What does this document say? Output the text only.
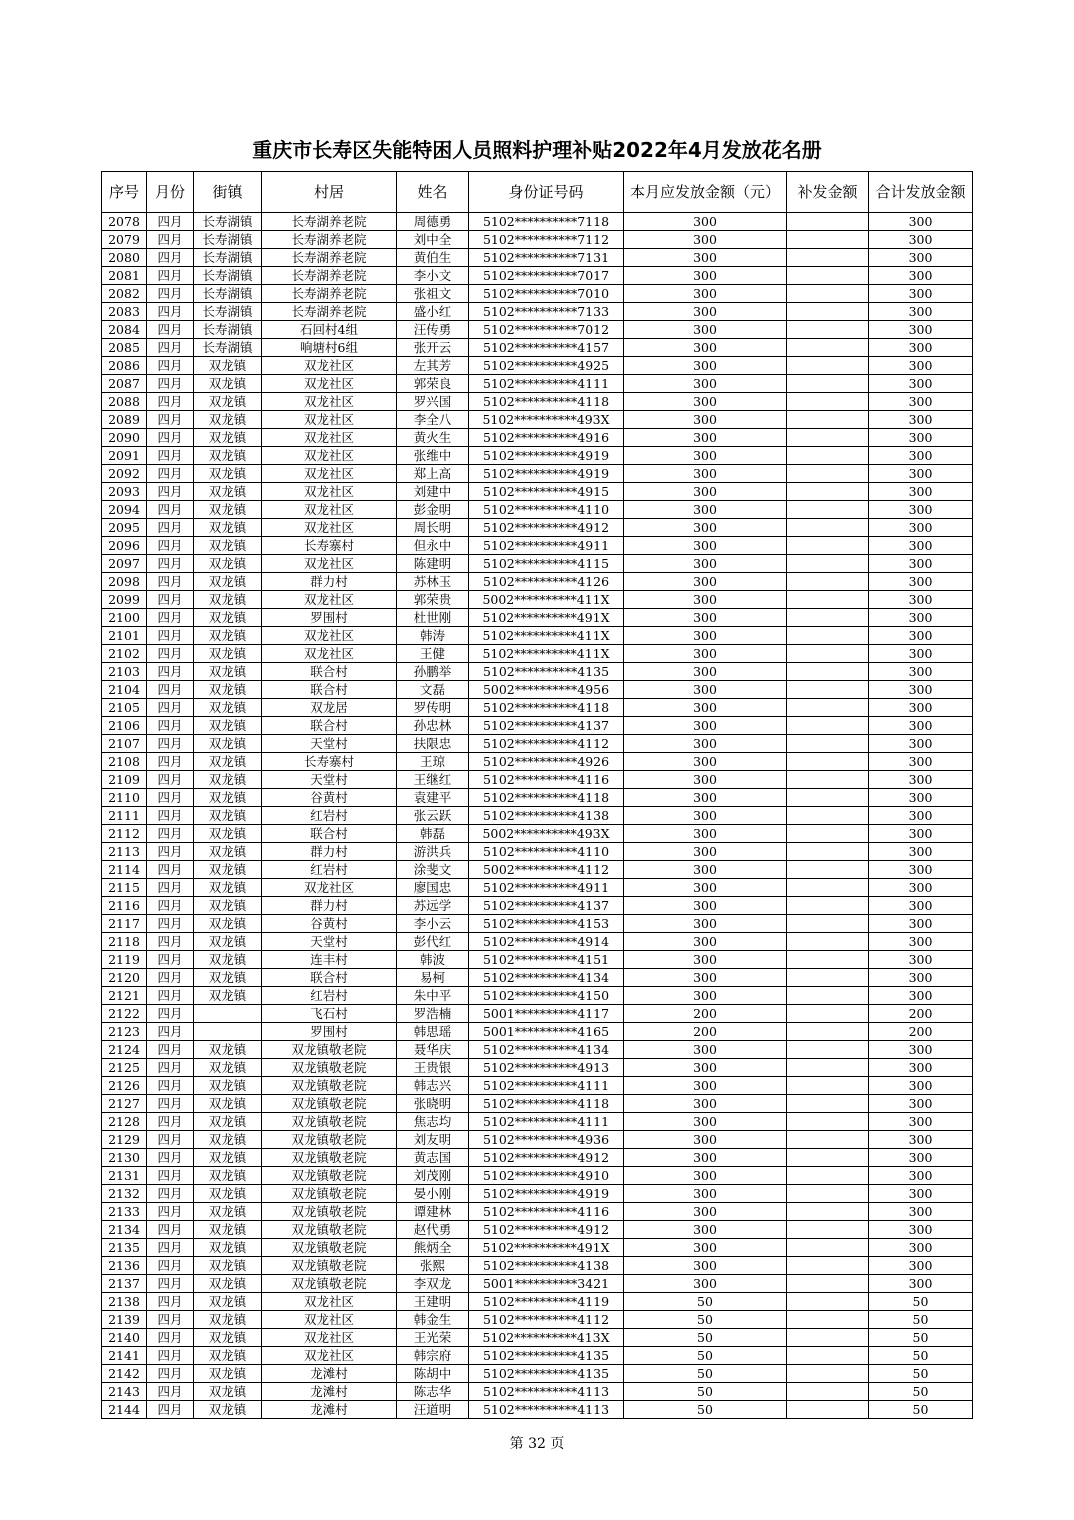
重庆市长寿区失能特困人员照料护理补贴2022年4月发放花名册
序号	月份	街镇	村居	姓名	身份证号码	本月应发放金额（元）	补发金额	合计发放金额
2078	四月	长寿湖镇	长寿湖养老院	周德勇	5102**********7118	300		300
2079	四月	长寿湖镇	长寿湖养老院	刘中全	5102**********7112	300		300
2080	四月	长寿湖镇	长寿湖养老院	黄伯生	5102**********7131	300		300
2081	四月	长寿湖镇	长寿湖养老院	李小文	5102**********7017	300		300
2082	四月	长寿湖镇	长寿湖养老院	张祖文	5102**********7010	300		300
2083	四月	长寿湖镇	长寿湖养老院	盛小红	5102**********7133	300		300
2084	四月	长寿湖镇	石回村4组	汪传勇	5102**********7012	300		300
2085	四月	长寿湖镇	响塘村6组	张开云	5102**********4157	300		300
2086	四月	双龙镇	双龙社区	左其芳	5102**********4925	300		300
2087	四月	双龙镇	双龙社区	郭荣良	5102**********4111	300		300
2088	四月	双龙镇	双龙社区	罗兴国	5102**********4118	300		300
2089	四月	双龙镇	双龙社区	李全八	5102**********493X	300		300
2090	四月	双龙镇	双龙社区	黄火生	5102**********4916	300		300
2091	四月	双龙镇	双龙社区	张维中	5102**********4919	300		300
2092	四月	双龙镇	双龙社区	郑上高	5102**********4919	300		300
2093	四月	双龙镇	双龙社区	刘建中	5102**********4915	300		300
2094	四月	双龙镇	双龙社区	彭金明	5102**********4110	300		300
2095	四月	双龙镇	双龙社区	周长明	5102**********4912	300		300
2096	四月	双龙镇	长寿寨村	但永中	5102**********4911	300		300
2097	四月	双龙镇	双龙社区	陈建明	5102**********4115	300		300
2098	四月	双龙镇	群力村	苏林玉	5102**********4126	300		300
2099	四月	双龙镇	双龙社区	郭荣贵	5002**********411X	300		300
2100	四月	双龙镇	罗围村	杜世刚	5102**********491X	300		300
2101	四月	双龙镇	双龙社区	韩涛	5102**********411X	300		300
2102	四月	双龙镇	双龙社区	王健	5102**********411X	300		300
2103	四月	双龙镇	联合村	孙鹏举	5102**********4135	300		300
2104	四月	双龙镇	联合村	文磊	5002**********4956	300		300
2105	四月	双龙镇	双龙居	罗传明	5102**********4118	300		300
2106	四月	双龙镇	联合村	孙忠林	5102**********4137	300		300
2107	四月	双龙镇	天堂村	扶限忠	5102**********4112	300		300
2108	四月	双龙镇	长寿寨村	王琼	5102**********4926	300		300
2109	四月	双龙镇	天堂村	王继红	5102**********4116	300		300
2110	四月	双龙镇	谷黄村	袁建平	5102**********4118	300		300
2111	四月	双龙镇	红岩村	张云跃	5102**********4138	300		300
2112	四月	双龙镇	联合村	韩磊	5002**********493X	300		300
2113	四月	双龙镇	群力村	游洪兵	5102**********4110	300		300
2114	四月	双龙镇	红岩村	涂斐文	5002**********4112	300		300
2115	四月	双龙镇	双龙社区	廖国忠	5102**********4911	300		300
2116	四月	双龙镇	群力村	苏远学	5102**********4137	300		300
2117	四月	双龙镇	谷黄村	李小云	5102**********4153	300		300
2118	四月	双龙镇	天堂村	彭代红	5102**********4914	300		300
2119	四月	双龙镇	连丰村	韩波	5102**********4151	300		300
2120	四月	双龙镇	联合村	易柯	5102**********4134	300		300
2121	四月	双龙镇	红岩村	朱中平	5102**********4150	300		300
2122	四月		飞石村	罗浩楠	5001**********4117	200		200
2123	四月		罗围村	韩思瑶	5001**********4165	200		200
2124	四月	双龙镇	双龙镇敬老院	聂华庆	5102**********4134	300		300
2125	四月	双龙镇	双龙镇敬老院	王贵银	5102**********4913	300		300
2126	四月	双龙镇	双龙镇敬老院	韩志兴	5102**********4111	300		300
2127	四月	双龙镇	双龙镇敬老院	张晓明	5102**********4118	300		300
2128	四月	双龙镇	双龙镇敬老院	焦志均	5102**********4111	300		300
2129	四月	双龙镇	双龙镇敬老院	刘友明	5102**********4936	300		300
2130	四月	双龙镇	双龙镇敬老院	黄志国	5102**********4912	300		300
2131	四月	双龙镇	双龙镇敬老院	刘茂刚	5102**********4910	300		300
2132	四月	双龙镇	双龙镇敬老院	晏小刚	5102**********4919	300		300
2133	四月	双龙镇	双龙镇敬老院	谭建林	5102**********4116	300		300
2134	四月	双龙镇	双龙镇敬老院	赵代勇	5102**********4912	300		300
2135	四月	双龙镇	双龙镇敬老院	熊炳全	5102**********491X	300		300
2136	四月	双龙镇	双龙镇敬老院	张熙	5102**********4138	300		300
2137	四月	双龙镇	双龙镇敬老院	李双龙	5001**********3421	300		300
2138	四月	双龙镇	双龙社区	王建明	5102**********4119	50		50
2139	四月	双龙镇	双龙社区	韩金生	5102**********4112	50		50
2140	四月	双龙镇	双龙社区	王光荣	5102**********413X	50		50
2141	四月	双龙镇	双龙社区	韩宗府	5102**********4135	50		50
2142	四月	双龙镇	龙滩村	陈胡中	5102**********4135	50		50
2143	四月	双龙镇	龙滩村	陈志华	5102**********4113	50		50
2144	四月	双龙镇	龙滩村	汪道明	5102**********4113	50		50
第 32 页
